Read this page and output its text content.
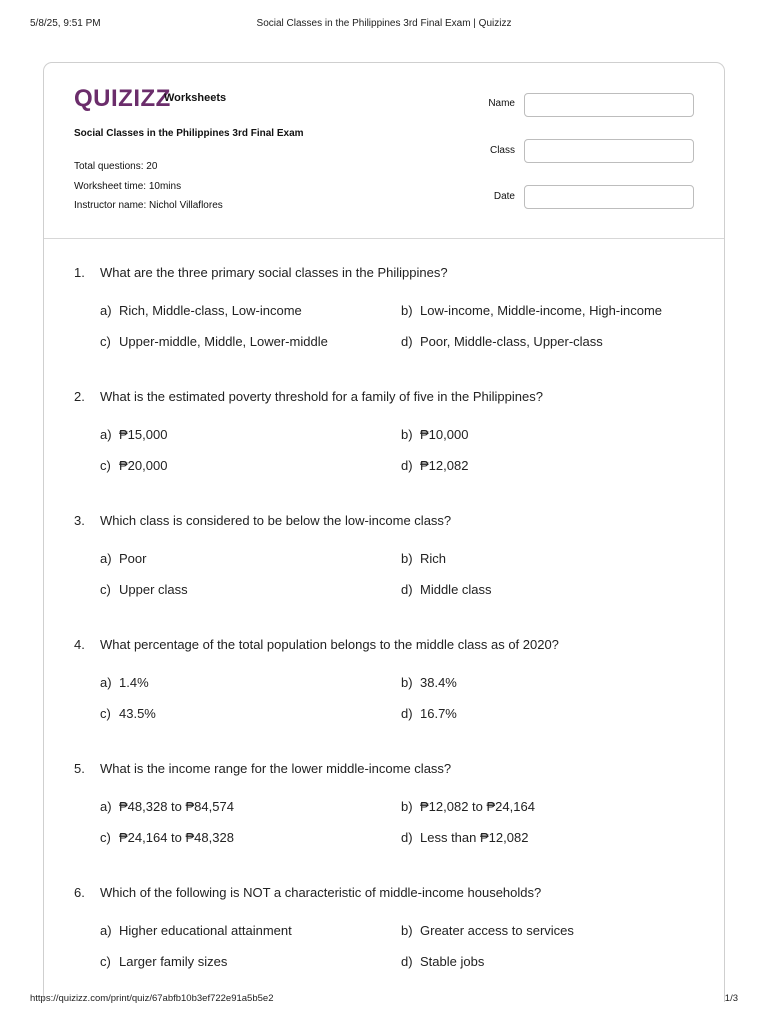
5/8/25, 9:51 PM	Social Classes in the Philippines 3rd Final Exam | Quizizz
QUIZIZZ
Worksheets
Social Classes in the Philippines 3rd Final Exam
Total questions: 20
Worksheet time: 10mins
Instructor name: Nichol Villaflores
Name
Class
Date
1. What are the three primary social classes in the Philippines?
a) Rich, Middle-class, Low-income	b) Low-income, Middle-income, High-income
c) Upper-middle, Middle, Lower-middle	d) Poor, Middle-class, Upper-class
2. What is the estimated poverty threshold for a family of five in the Philippines?
a) ₱15,000	b) ₱10,000
c) ₱20,000	d) ₱12,082
3. Which class is considered to be below the low-income class?
a) Poor	b) Rich
c) Upper class	d) Middle class
4. What percentage of the total population belongs to the middle class as of 2020?
a) 1.4%	b) 38.4%
c) 43.5%	d) 16.7%
5. What is the income range for the lower middle-income class?
a) ₱48,328 to ₱84,574	b) ₱12,082 to ₱24,164
c) ₱24,164 to ₱48,328	d) Less than ₱12,082
6. Which of the following is NOT a characteristic of middle-income households?
a) Higher educational attainment	b) Greater access to services
c) Larger family sizes	d) Stable jobs
https://quizizz.com/print/quiz/67abfb10b3ef722e91a5b5e2	1/3
